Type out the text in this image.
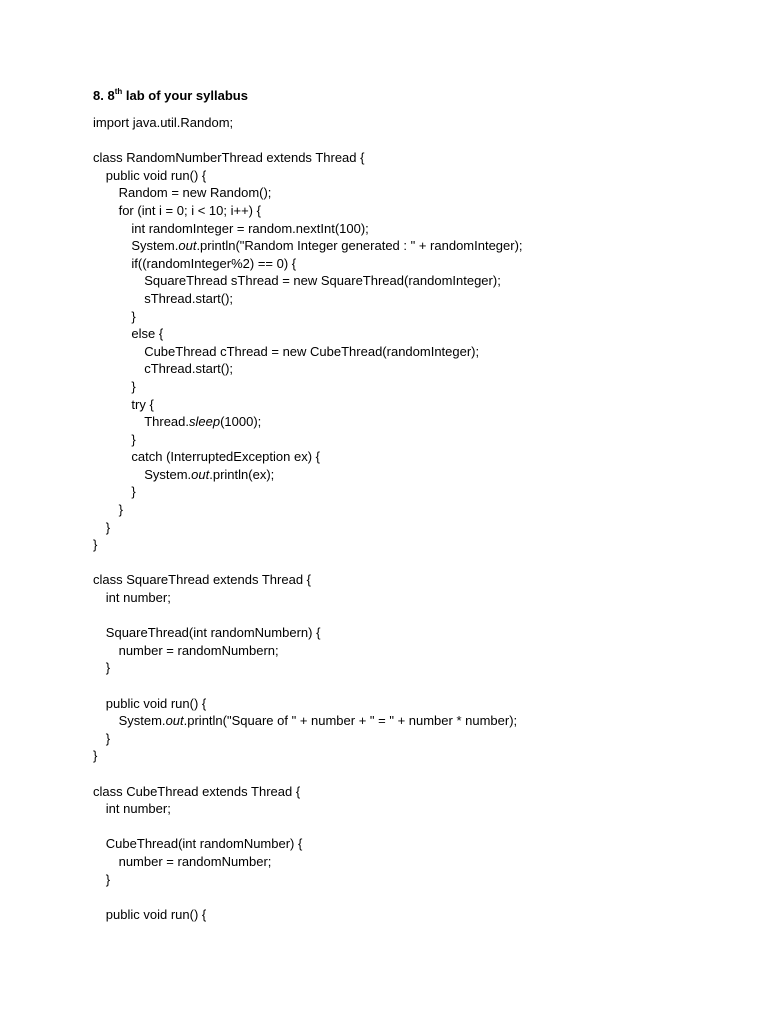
8. 8th lab of your syllabus
import java.util.Random;
class RandomNumberThread extends Thread {
public void run() {
Random = new Random();
for (int i = 0; i < 10; i++) {
int randomInteger = random.nextInt(100);
System.out.println("Random Integer generated : " + randomInteger);
if((randomInteger%2) == 0) {
SquareThread sThread = new SquareThread(randomInteger);
sThread.start();
}
else {
CubeThread cThread = new CubeThread(randomInteger);
cThread.start();
}
try {
Thread.sleep(1000);
}
catch (InterruptedException ex) {
System.out.println(ex);
}
}
}
}
class SquareThread extends Thread {
int number;
SquareThread(int randomNumbern) {
number = randomNumbern;
}
public void run() {
System.out.println("Square of " + number + " = " + number * number);
}
}
class CubeThread extends Thread {
int number;
CubeThread(int randomNumber) {
number = randomNumber;
}
public void run() {
